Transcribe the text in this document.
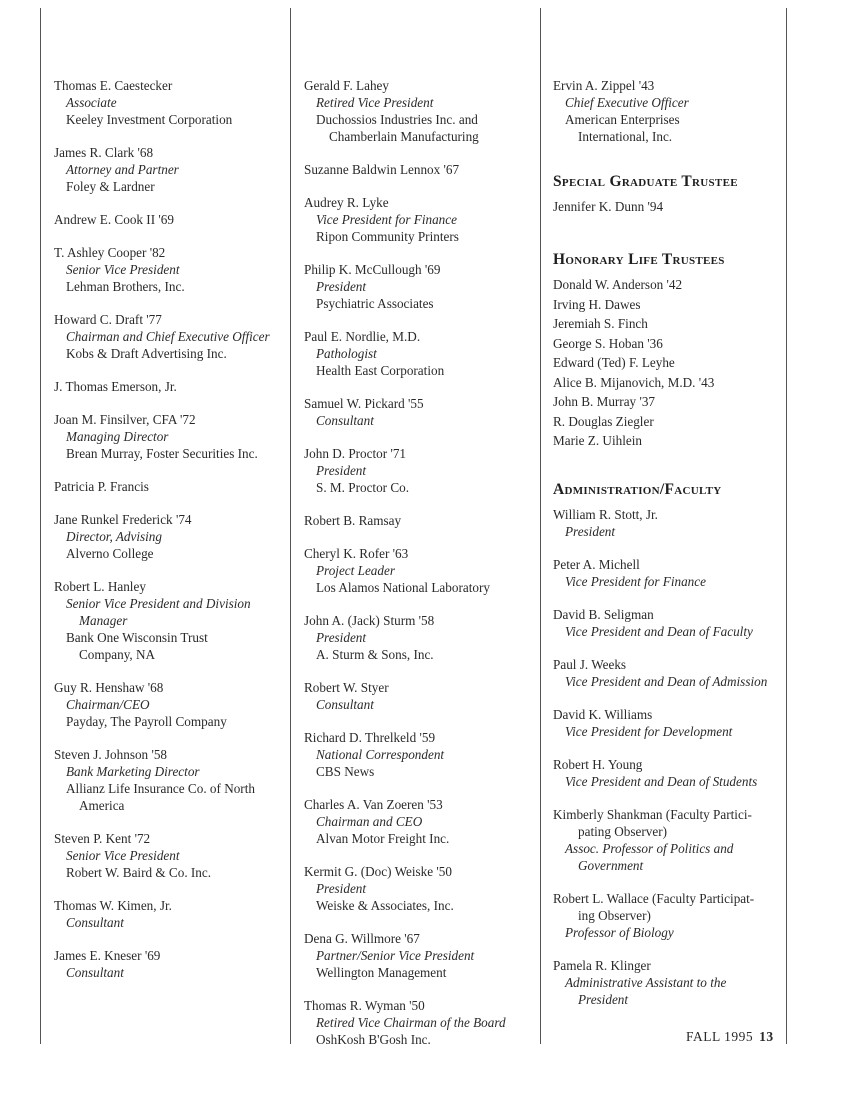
Thomas E. Caestecker
Associate
Keeley Investment Corporation
James R. Clark '68
Attorney and Partner
Foley & Lardner
Andrew E. Cook II '69
T. Ashley Cooper '82
Senior Vice President
Lehman Brothers, Inc.
Howard C. Draft '77
Chairman and Chief Executive Officer
Kobs & Draft Advertising Inc.
J. Thomas Emerson, Jr.
Joan M. Finsilver, CFA '72
Managing Director
Brean Murray, Foster Securities Inc.
Patricia P. Francis
Jane Runkel Frederick '74
Director, Advising
Alverno College
Robert L. Hanley
Senior Vice President and Division
Manager
Bank One Wisconsin Trust
Company, NA
Guy R. Henshaw '68
Chairman/CEO
Payday, The Payroll Company
Steven J. Johnson '58
Bank Marketing Director
Allianz Life Insurance Co. of North
America
Steven P. Kent '72
Senior Vice President
Robert W. Baird & Co. Inc.
Thomas W. Kimen, Jr.
Consultant
James E. Kneser '69
Consultant
Gerald F. Lahey
Retired Vice President
Duchossios Industries Inc. and
Chamberlain Manufacturing
Suzanne Baldwin Lennox '67
Audrey R. Lyke
Vice President for Finance
Ripon Community Printers
Philip K. McCullough '69
President
Psychiatric Associates
Paul E. Nordlie, M.D.
Pathologist
Health East Corporation
Samuel W. Pickard '55
Consultant
John D. Proctor '71
President
S. M. Proctor Co.
Robert B. Ramsay
Cheryl K. Rofer '63
Project Leader
Los Alamos National Laboratory
John A. (Jack) Sturm '58
President
A. Sturm & Sons, Inc.
Robert W. Styer
Consultant
Richard D. Threlkeld '59
National Correspondent
CBS News
Charles A. Van Zoeren '53
Chairman and CEO
Alvan Motor Freight Inc.
Kermit G. (Doc) Weiske '50
President
Weiske & Associates, Inc.
Dena G. Willmore '67
Partner/Senior Vice President
Wellington Management
Thomas R. Wyman '50
Retired Vice Chairman of the Board
OshKosh B'Gosh Inc.
Ervin A. Zippel '43
Chief Executive Officer
American Enterprises
International, Inc.
Special Graduate Trustee
Jennifer K. Dunn '94
Honorary Life Trustees
Donald W. Anderson '42
Irving H. Dawes
Jeremiah S. Finch
George S. Hoban '36
Edward (Ted) F. Leyhe
Alice B. Mijanovich, M.D. '43
John B. Murray '37
R. Douglas Ziegler
Marie Z. Uihlein
Administration/Faculty
William R. Stott, Jr.
President
Peter A. Michell
Vice President for Finance
David B. Seligman
Vice President and Dean of Faculty
Paul J. Weeks
Vice President and Dean of Admission
David K. Williams
Vice President for Development
Robert H. Young
Vice President and Dean of Students
Kimberly Shankman (Faculty Partici-
pating Observer)
Assoc. Professor of Politics and
Government
Robert L. Wallace (Faculty Participat-
ing Observer)
Professor of Biology
Pamela R. Klinger
Administrative Assistant to the
President
FALL 1995 13
